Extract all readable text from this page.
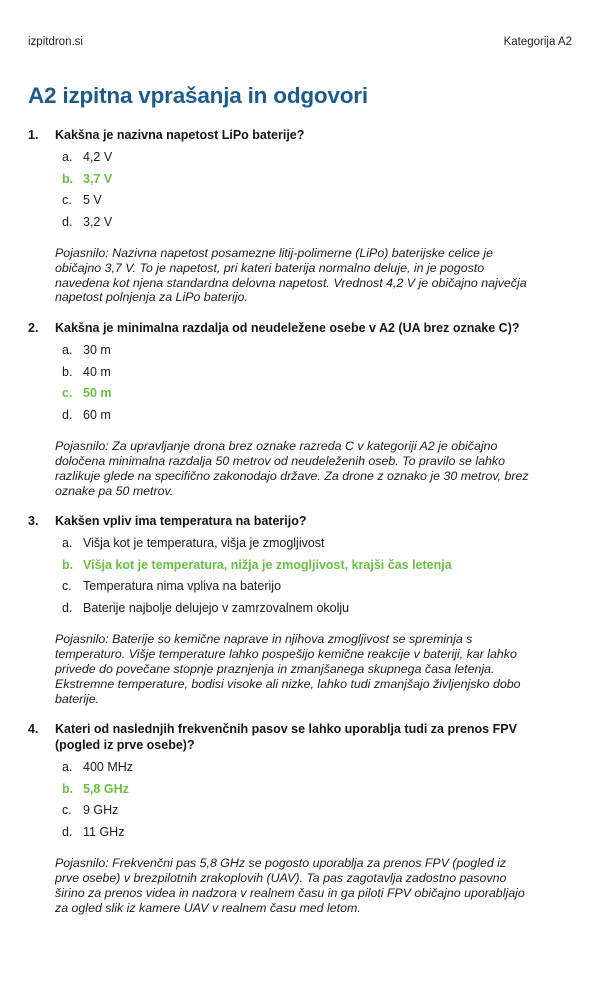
izpitdron.si	Kategorija A2
A2 izpitna vprašanja in odgovori
1.	Kakšna je nazivna napetost LiPo baterije?
a. 4,2 V
b. 3,7 V
c. 5 V
d. 3,2 V

Pojasnilo: Nazivna napetost posamezne litij-polimerne (LiPo) baterijske celice je običajno 3,7 V. To je napetost, pri kateri baterija normalno deluje, in je pogosto navedena kot njena standardna delovna napetost. Vrednost 4,2 V je običajno največja napetost polnjenja za LiPo baterijo.

2.	Kakšna je minimalna razdalja od neudeležene osebe v A2 (UA brez oznake C)?
a. 30 m
b. 40 m
c. 50 m
d. 60 m

Pojasnilo: Za upravljanje drona brez oznake razreda C v kategoriji A2 je običajno določena minimalna razdalja 50 metrov od neudeleženih oseb. To pravilo se lahko razlikuje glede na specifično zakonodajo države. Za drone z oznako je 30 metrov, brez oznake pa 50 metrov.

3.	Kakšen vpliv ima temperatura na baterijo?
a. Višja kot je temperatura, višja je zmogljivost
b. Višja kot je temperatura, nižja je zmogljivost, krajši čas letenja
c. Temperatura nima vpliva na baterijo
d. Baterije najbolje delujejo v zamrzovalnem okolju

Pojasnilo: Baterije so kemične naprave in njihova zmogljivost se spreminja s temperaturo. Višje temperature lahko pospešijo kemične reakcije v bateriji, kar lahko privede do povečane stopnje praznjenja in zmanjšanega skupnega časa letenja. Ekstremne temperature, bodisi visoke ali nizke, lahko tudi zmanjšajo življenjsko dobo baterije.

4.	Kateri od naslednjih frekvenčnih pasov se lahko uporablja tudi za prenos FPV (pogled iz prve osebe)?
a. 400 MHz
b. 5,8 GHz
c. 9 GHz
d. 11 GHz

Pojasnilo: Frekvenčni pas 5,8 GHz se pogosto uporablja za prenos FPV (pogled iz prve osebe) v brezpilotnih zrakoplovih (UAV). Ta pas zagotavlja zadostno pasovno širino za prenos videa in nadzora v realnem času in ga piloti FPV običajno uporabljajo za ogled slik iz kamere UAV v realnem času med letom.
